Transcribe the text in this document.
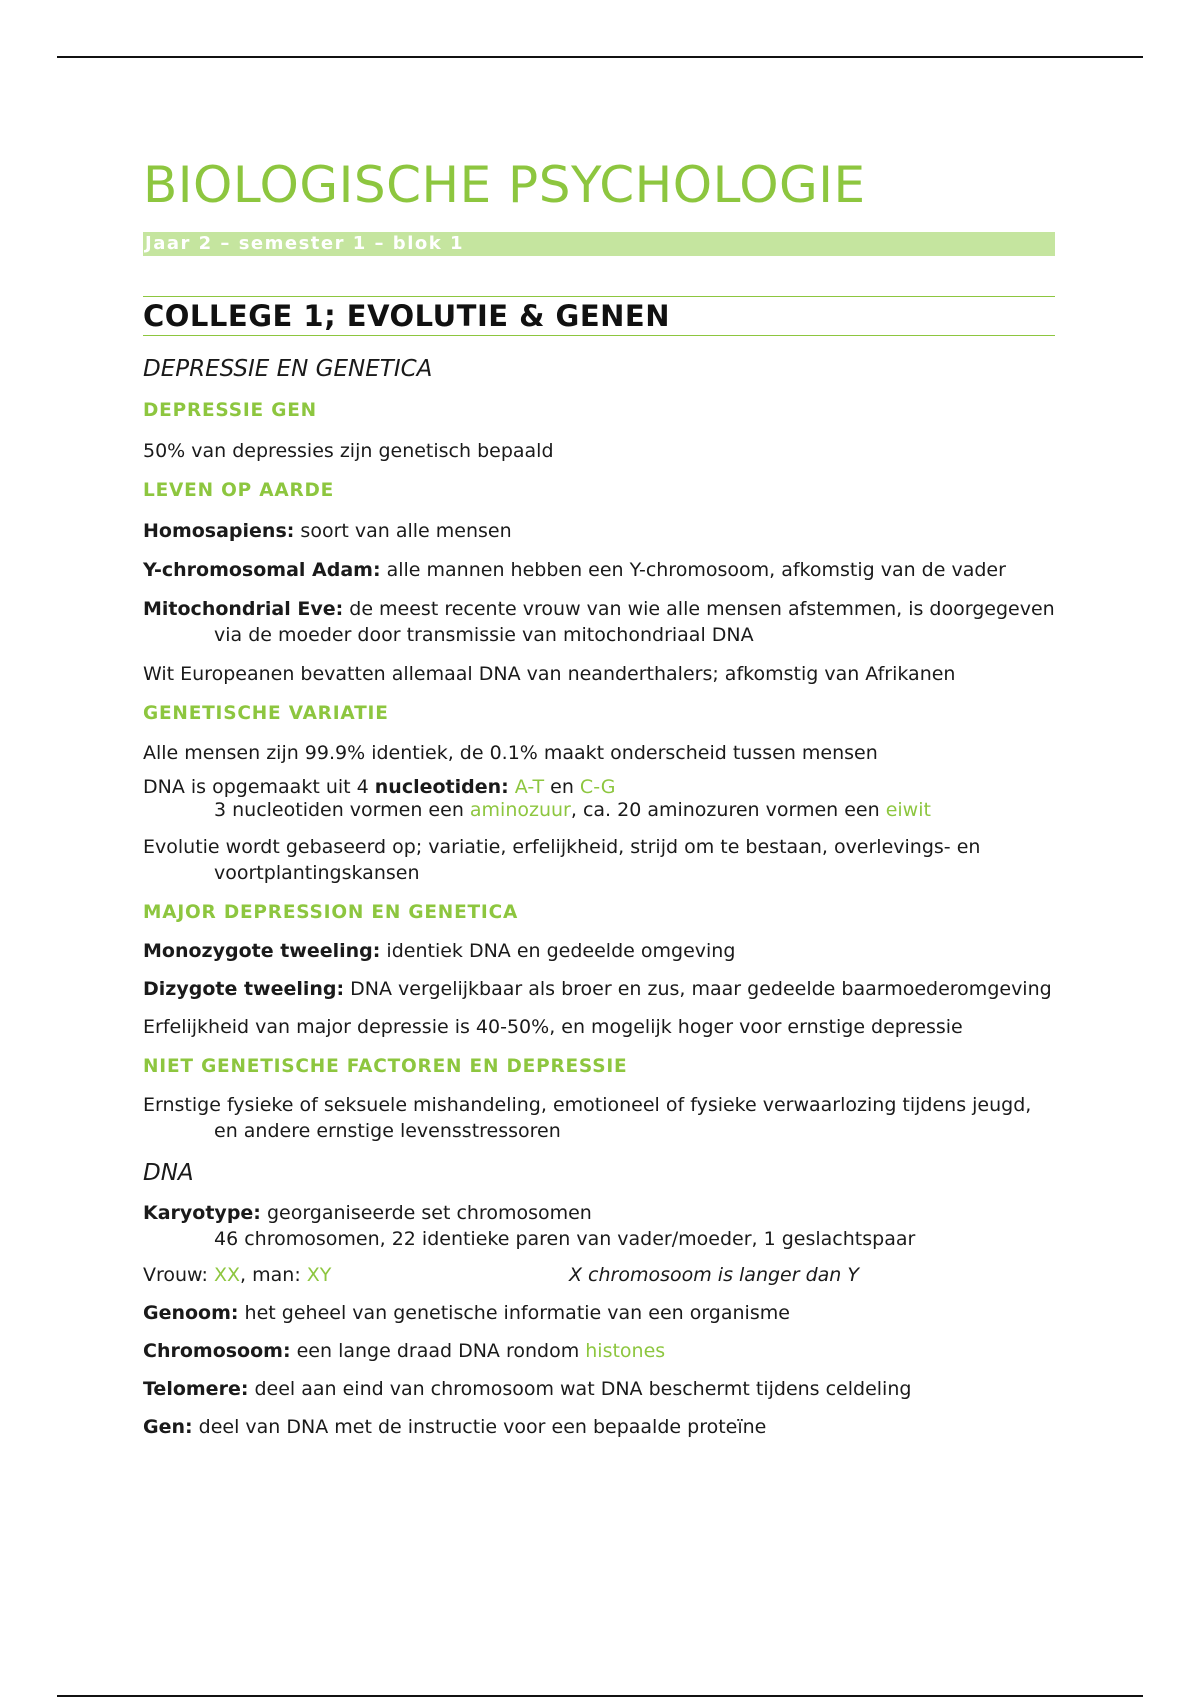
BIOLOGISCHE PSYCHOLOGIE
Jaar 2 – semester 1 – blok 1
COLLEGE 1; EVOLUTIE & GENEN
DEPRESSIE EN GENETICA
DEPRESSIE GEN

50% van depressies zijn genetisch bepaald

LEVEN OP AARDE

Homosapiens: soort van alle mensen

Y-chromosomal Adam: alle mannen hebben een Y-chromosoom, afkomstig van de vader

Mitochondrial Eve: de meest recente vrouw van wie alle mensen afstemmen, is doorgegeven via de moeder door transmissie van mitochondriaal DNA

Wit Europeanen bevatten allemaal DNA van neanderthalers; afkomstig van Afrikanen

GENETISCHE VARIATIE

Alle mensen zijn 99.9% identiek, de 0.1% maakt onderscheid tussen mensen

DNA is opgemaakt uit 4 nucleotiden: A-T en C-G

3 nucleotiden vormen een aminozuur, ca. 20 aminozuren vormen een eiwit

Evolutie wordt gebaseerd op; variatie, erfelijkheid, strijd om te bestaan, overlevings- en voortplantingskansen

MAJOR DEPRESSION EN GENETICA

Monozygote tweeling: identiek DNA en gedeelde omgeving

Dizygote tweeling: DNA vergelijkbaar als broer en zus, maar gedeelde baarmoederomgeving

Erfelijkheid van major depressie is 40-50%, en mogelijk hoger voor ernstige depressie

NIET GENETISCHE FACTOREN EN DEPRESSIE

Ernstige fysieke of seksuele mishandeling, emotioneel of fysieke verwaarlozing tijdens jeugd, en andere ernstige levensstressoren

DNA

Karyotype: georganiseerde set chromosomen

46 chromosomen, 22 identieke paren van vader/moeder, 1 geslachtspaar

Vrouw: XX, man: XY	X chromosoom is langer dan Y

Genoom: het geheel van genetische informatie van een organisme

Chromosoom: een lange draad DNA rondom histones

Telomere: deel aan eind van chromosoom wat DNA beschermt tijdens celdeling

Gen: deel van DNA met de instructie voor een bepaalde proteïne
